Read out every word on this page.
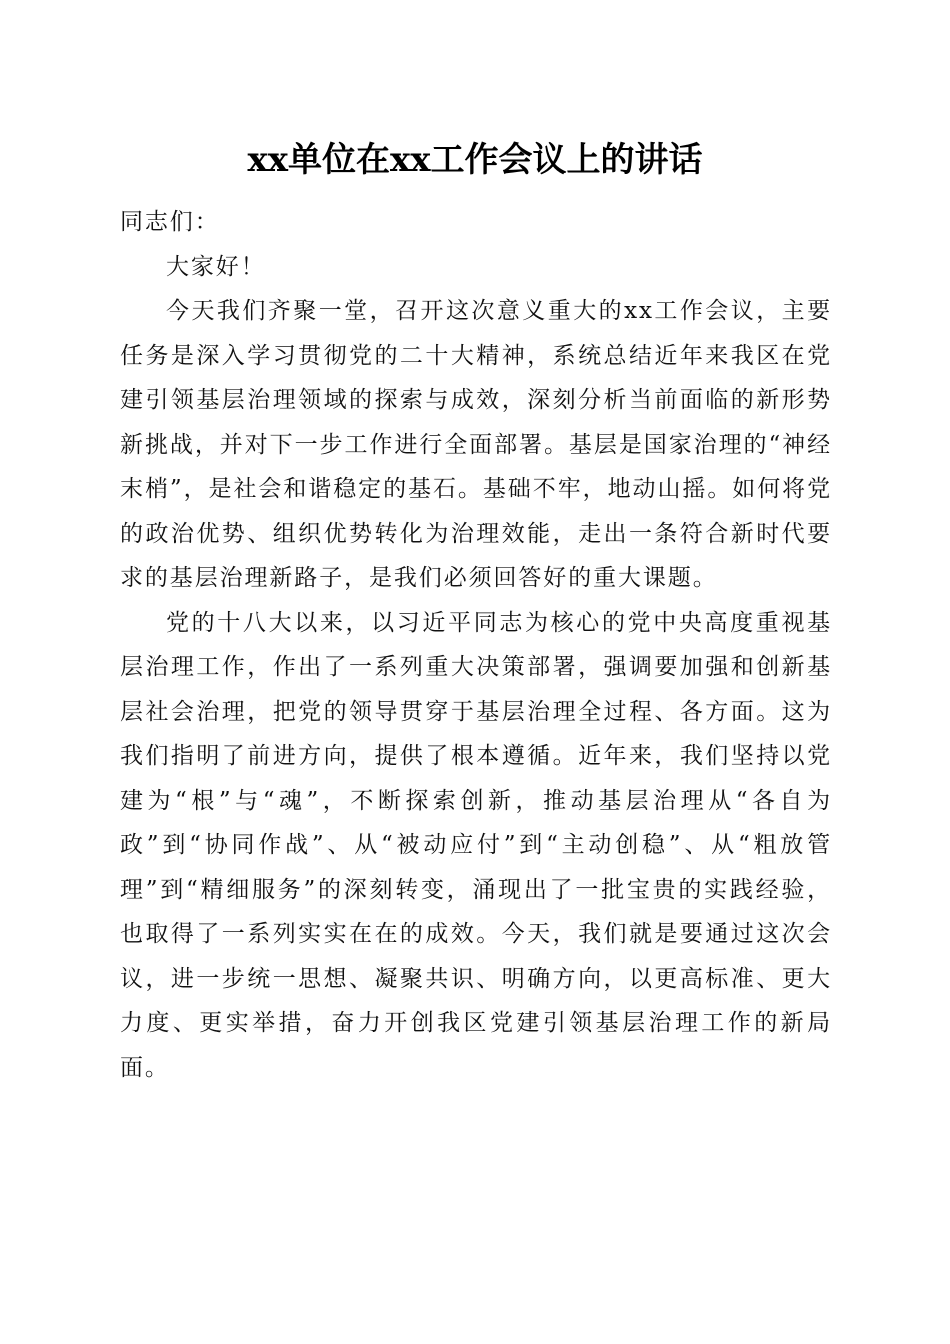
xx单位在xx工作会议上的讲话

同志们：

大家好！

今天我们齐聚一堂，召开这次意义重大的xx工作会议，主要任务是深入学习贯彻党的二十大精神，系统总结近年来我区在党建引领基层治理领域的探索与成效，深刻分析当前面临的新形势新挑战，并对下一步工作进行全面部署。基层是国家治理的“神经末梢”，是社会和谐稳定的基石。基础不牢，地动山摇。如何将党的政治优势、组织优势转化为治理效能，走出一条符合新时代要求的基层治理新路子，是我们必须回答好的重大课题。

党的十八大以来，以习近平同志为核心的党中央高度重视基层治理工作，作出了一系列重大决策部署，强调要加强和创新基层社会治理，把党的领导贯穿于基层治理全过程、各方面。这为我们指明了前进方向，提供了根本遵循。近年来，我们坚持以党建为“根”与“魂”，不断探索创新，推动基层治理从“各自为政”到“协同作战”、从“被动应付”到“主动创稳”、从“粗放管理”到“精细服务”的深刻转变，涌现出了一批宝贵的实践经验，也取得了一系列实实在在的成效。今天，我们就是要通过这次会议，进一步统一思想、凝聚共识、明确方向，以更高标准、更大力度、更实举措，奋力开创我区党建引领基层治理工作的新局面。
